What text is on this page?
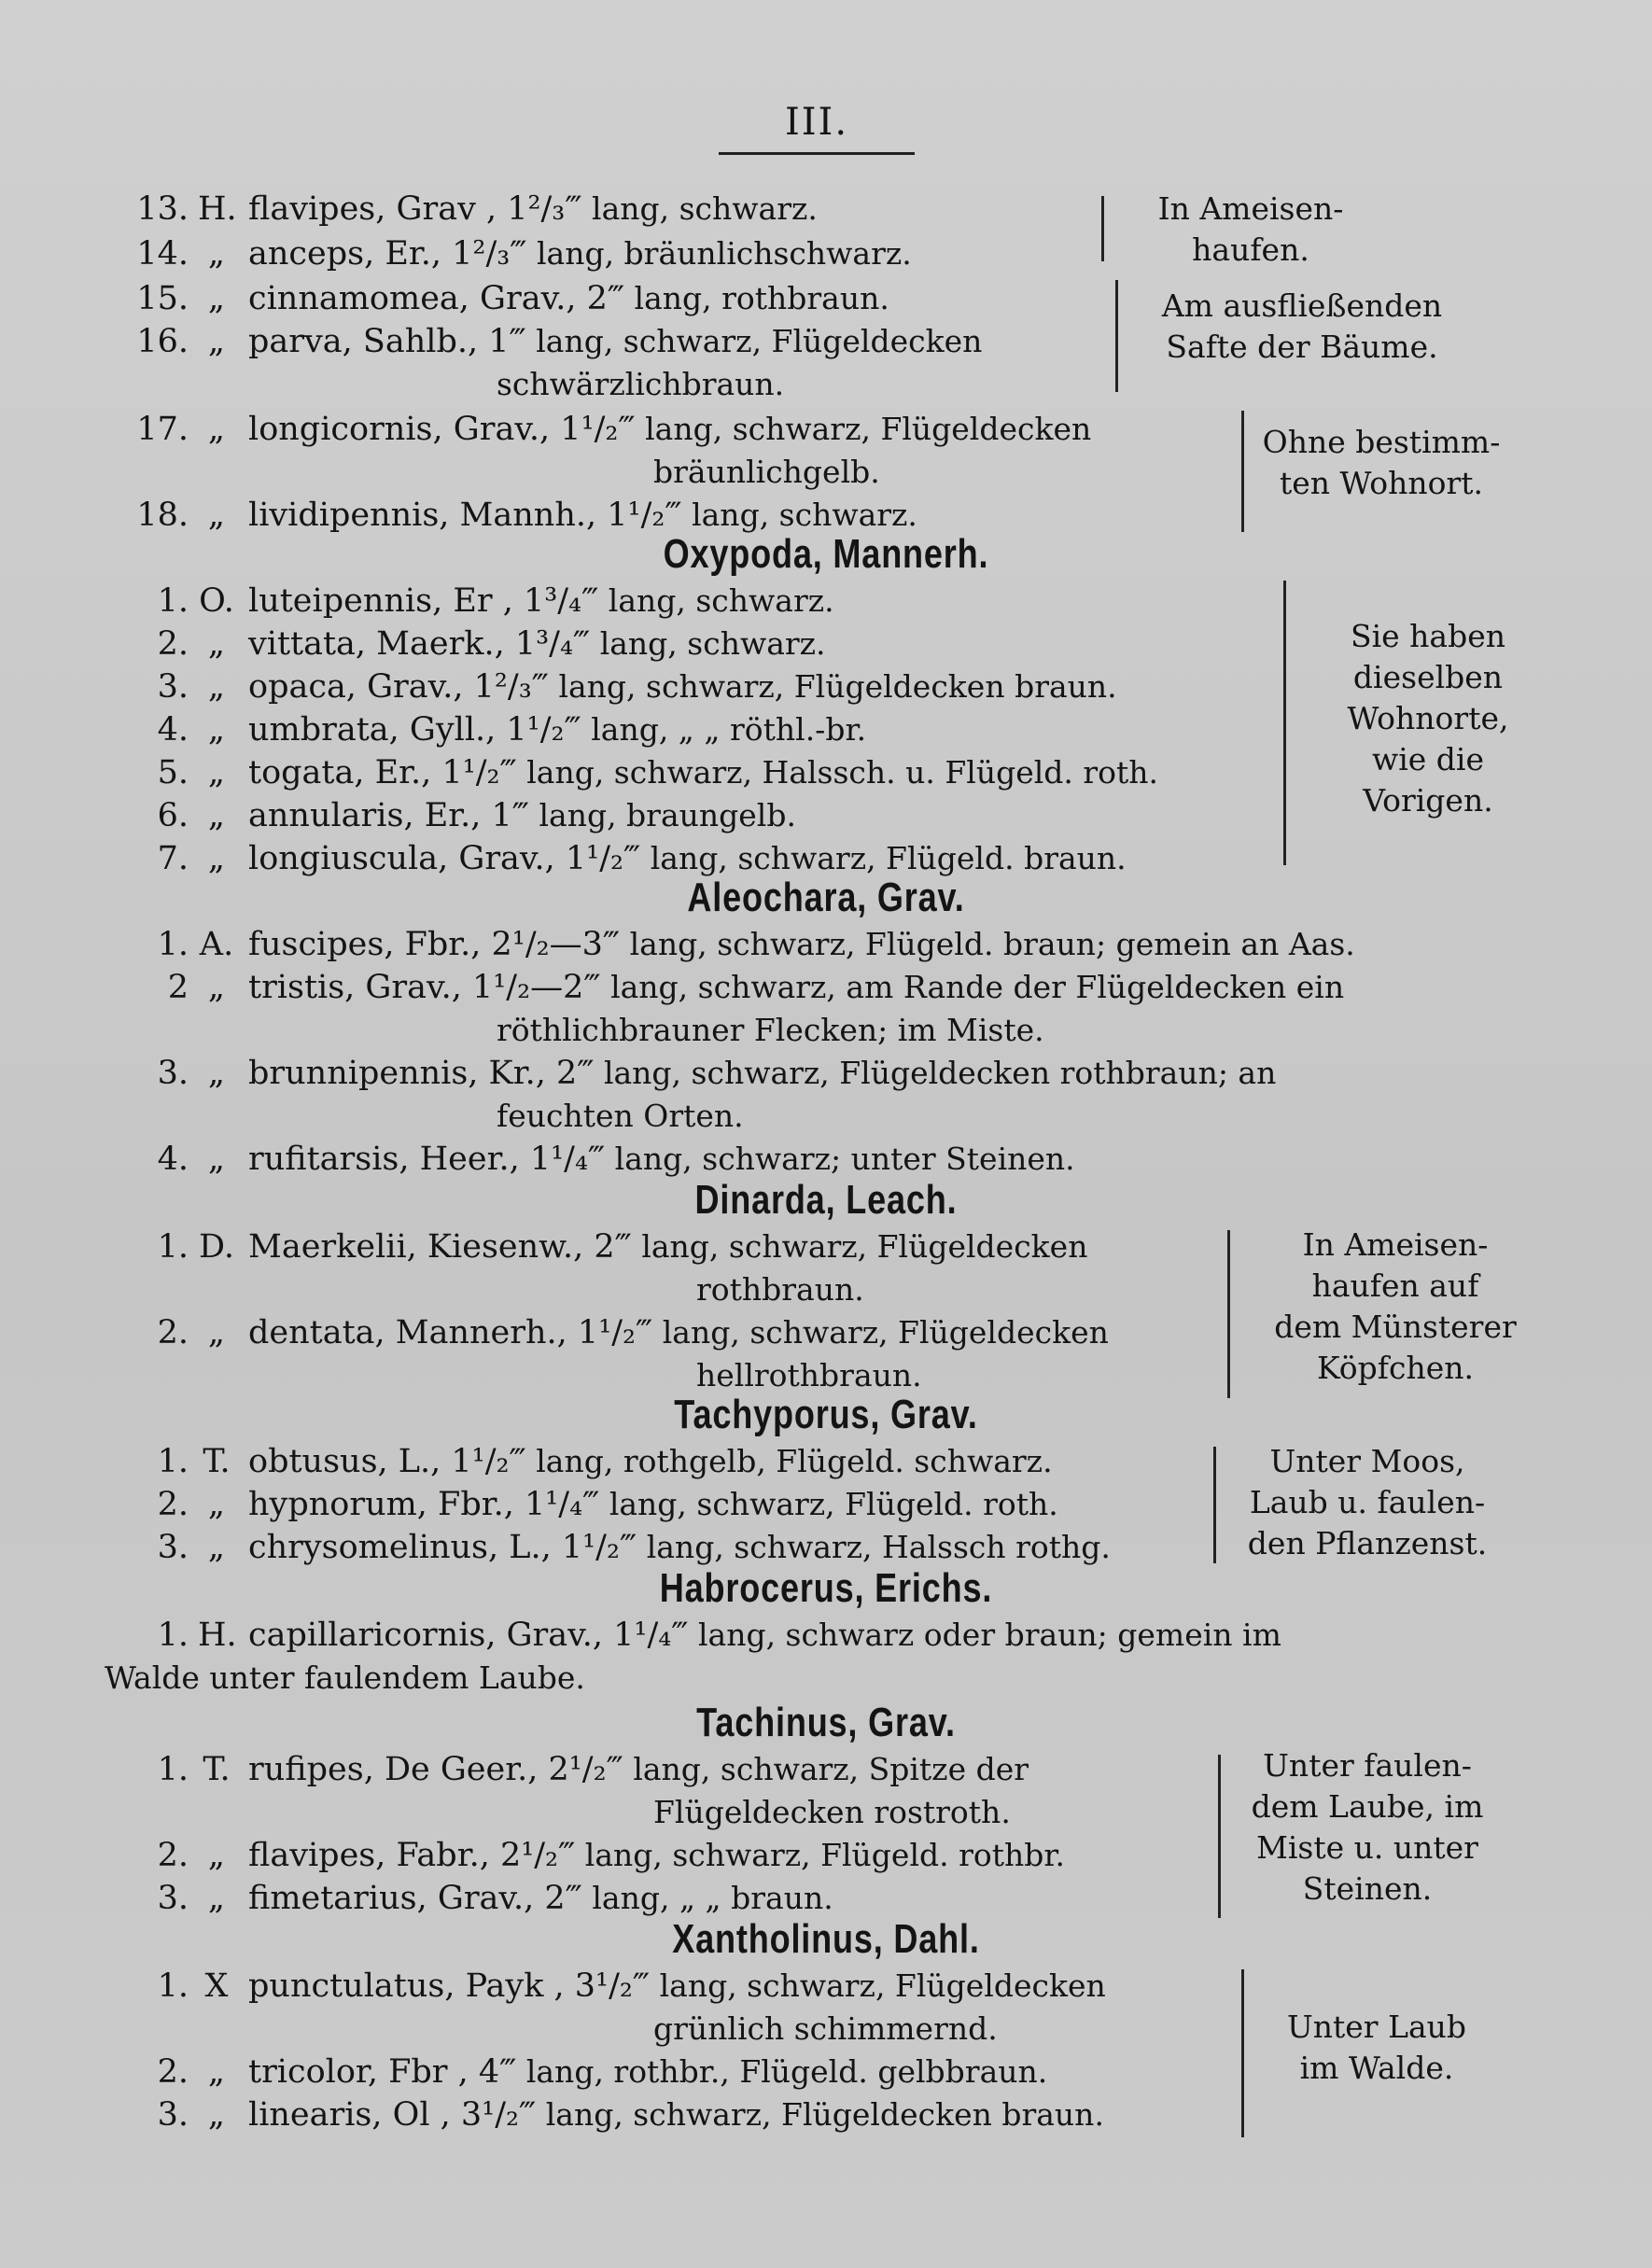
III.
13. H. flavipes, Grav , 1²/₃‴ lang, schwarz.
14. „ anceps, Er., 1²/₃‴ lang, bräunlichschwarz.
15. „ cinnamomea, Grav., 2‴ lang, rothbraun.
16. „ parva, Sahlb., 1‴ lang, schwarz, Flügeldecken
schwärzlichbraun.
17. „ longicornis, Grav., 1¹/₂‴ lang, schwarz, Flügeldecken
bräunlichgelb.
18. „ lividipennis, Mannh., 1¹/₂‴ lang, schwarz.
Oxypoda, Mannerh.
1. O. luteipennis, Er , 1³/₄‴ lang, schwarz.
2. „ vittata, Maerk., 1³/₄‴ lang, schwarz.
3. „ opaca, Grav., 1²/₃‴ lang, schwarz, Flügeldecken braun.
4. „ umbrata, Gyll., 1¹/₂‴ lang, „ „ röthl.-br.
5. „ togata, Er., 1¹/₂‴ lang, schwarz, Halssch. u. Flügeld. roth.
6. „ annularis, Er., 1‴ lang, braungelb.
7. „ longiuscula, Grav., 1¹/₂‴ lang, schwarz, Flügeld. braun.
Aleochara, Grav.
1. A. fuscipes, Fbr., 2¹/₂—3‴ lang, schwarz, Flügeld. braun; gemein an Aas.
2 „ tristis, Grav., 1¹/₂—2‴ lang, schwarz, am Rande der Flügeldecken ein
röthlichbrauner Flecken; im Miste.
3. „ brunnipennis, Kr., 2‴ lang, schwarz, Flügeldecken rothbraun; an
feuchten Orten.
4. „ rufitarsis, Heer., 1¹/₄‴ lang, schwarz; unter Steinen.
Dinarda, Leach.
1. D. Maerkelii, Kiesenw., 2‴ lang, schwarz, Flügeldecken
rothbraun.
2. „ dentata, Mannerh., 1¹/₂‴ lang, schwarz, Flügeldecken
hellrothbraun.
Tachyporus, Grav.
1. T. obtusus, L., 1¹/₂‴ lang, rothgelb, Flügeld. schwarz.
2. „ hypnorum, Fbr., 1¹/₄‴ lang, schwarz, Flügeld. roth.
3. „ chrysomelinus, L., 1¹/₂‴ lang, schwarz, Halssch rothg.
Habrocerus, Erichs.
1. H. capillaricornis, Grav., 1¹/₄‴ lang, schwarz oder braun; gemein im
Walde unter faulendem Laube.
Tachinus, Grav.
1. T. rufipes, De Geer., 2¹/₂‴ lang, schwarz, Spitze der
Flügeldecken rostroth.
2. „ flavipes, Fabr., 2¹/₂‴ lang, schwarz, Flügeld. rothbr.
3. „ fimetarius, Grav., 2‴ lang, „ „ braun.
Xantholinus, Dahl.
1. X punctulatus, Payk , 3¹/₂‴ lang, schwarz, Flügeldecken
grünlich schimmernd.
2. „ tricolor, Fbr , 4‴ lang, rothbr., Flügeld. gelbbraun.
3. „ linearis, Ol , 3¹/₂‴ lang, schwarz, Flügeldecken braun.
In Ameisen-
haufen.
Am ausfließenden
Safte der Bäume.
Ohne bestimm-
ten Wohnort.
Sie haben
dieselben
Wohnorte,
wie die
Vorigen.
In Ameisen-
haufen auf
dem Münsterer
Köpfchen.
Unter Moos,
Laub u. faulen-
den Pflanzenst.
Unter faulen-
dem Laube, im
Miste u. unter
Steinen.
Unter Laub
im Walde.
